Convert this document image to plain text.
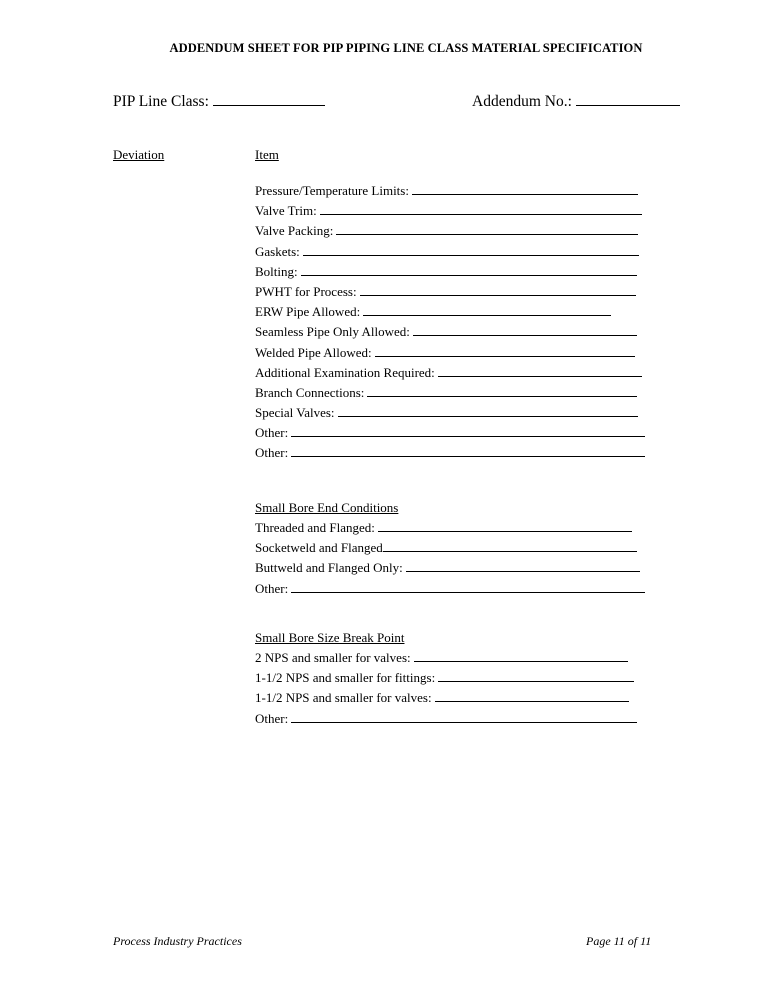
ADDENDUM SHEET FOR PIP PIPING LINE CLASS MATERIAL SPECIFICATION
PIP Line Class:	Addendum No.:
Deviation	Item
Pressure/Temperature Limits:
Valve Trim:
Valve Packing:
Gaskets:
Bolting:
PWHT for Process:
ERW Pipe Allowed:
Seamless Pipe Only Allowed:
Welded Pipe Allowed:
Additional Examination Required:
Branch Connections:
Special Valves:
Other:
Other:
Small Bore End Conditions
Threaded and Flanged:
Socketweld and Flanged
Buttweld and Flanged Only:
Other:
Small Bore Size Break Point
2 NPS and smaller for valves:
1-1/2 NPS and smaller for fittings:
1-1/2 NPS and smaller for valves:
Other:
Process Industry Practices	Page 11 of 11
